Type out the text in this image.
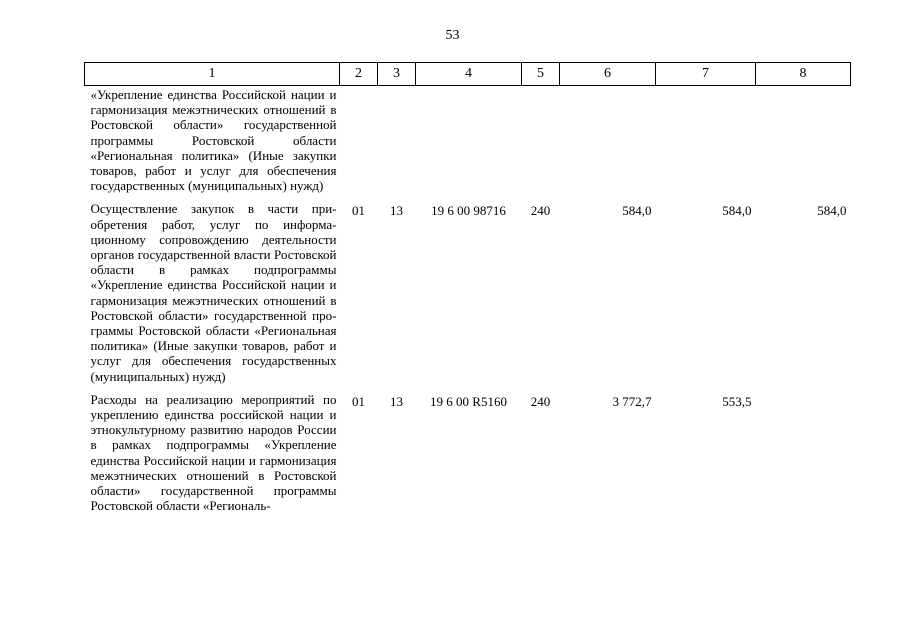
53
1	2	3	4	5	6	7	8
«Укрепление единства Российской нации и гармонизация межэтнических отношений в Ростовской области» государственной программы Ростовской области «Региональная политика» (Иные закупки товаров, работ и услуг для обеспечения государственных (муниципальных) нужд)							
Осуществление закупок в части приобретения работ, услуг по информационному сопровождению деятельности органов государственной власти Ростовской области в рамках подпрограммы «Укрепление единства Российской нации и гармонизация межэтнических отношений в Ростовской области» государственной программы Ростовской области «Региональная политика» (Иные закупки товаров, работ и услуг для обеспечения государственных (муниципальных) нужд)	01	13	19 6 00 98716	240	584,0	584,0	584,0
Расходы на реализацию мероприятий по укреплению единства российской нации и этнокультурному развитию народов России в рамках подпрограммы «Укрепление единства Российской нации и гармонизация межэтнических отношений в Ростовской области» государственной программы Ростовской области «Региональ-	01	13	19 6 00 R5160	240	3 772,7	553,5	
